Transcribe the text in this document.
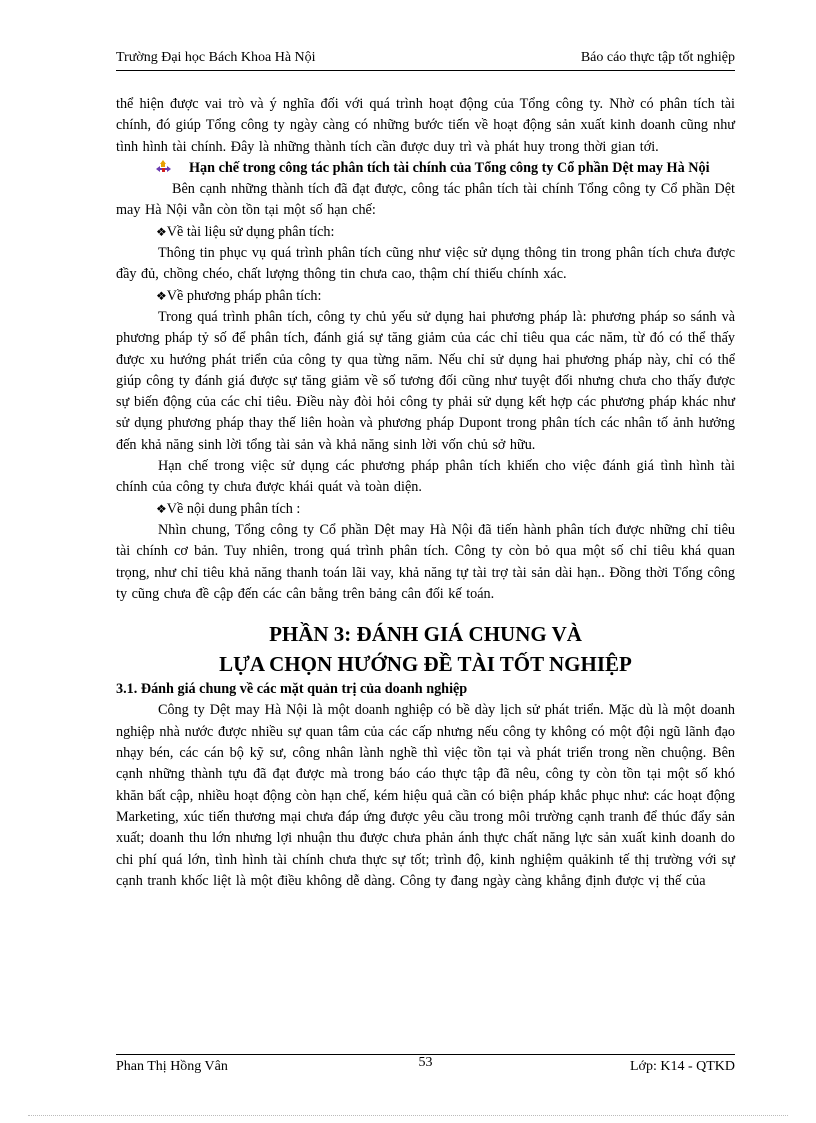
Trường Đại học Bách Khoa Hà Nội	Báo cáo thực tập tốt nghiệp

thể hiện được vai trò và ý nghĩa đối với quá trình hoạt động của Tổng công ty. Nhờ có phân tích tài chính, đó giúp Tổng công ty ngày càng có những bước tiến về hoạt động sản xuất kinh doanh cũng như tình hình tài chính. Đây là những thành tích cần được duy trì và phát huy trong thời gian tới.

Hạn chế trong công tác phân tích tài chính của Tổng công ty Cổ phần Dệt may Hà Nội

Bên cạnh những thành tích đã đạt được, công tác phân tích tài chính Tổng công ty Cổ phần Dệt may Hà Nội vẫn còn tồn tại một số hạn chế:

❖Về tài liệu sử dụng phân tích:

Thông tin phục vụ quá trình phân tích cũng như việc sử dụng thông tin trong phân tích chưa được đầy đủ, chồng chéo, chất lượng thông tin chưa cao, thậm chí thiếu chính xác.

❖Về phương pháp phân tích:

Trong quá trình phân tích, công ty chủ yếu sử dụng hai phương pháp là: phương pháp so sánh và phương pháp tỷ số để phân tích, đánh giá sự tăng giảm của các chỉ tiêu qua các năm, từ đó có thể thấy được xu hướng phát triển của công ty qua từng năm. Nếu chỉ sử dụng hai phương pháp này, chỉ có thể giúp công ty đánh giá được sự tăng giảm về số tương đối cũng như tuyệt đối nhưng chưa cho thấy được sự biến động của các chỉ tiêu. Điều này đòi hỏi công ty phải sử dụng kết hợp các phương pháp khác như sử dụng phương pháp thay thế liên hoàn và phương pháp Dupont trong phân tích các nhân tố ảnh hưởng đến khả năng sinh lời tổng tài sản và khả năng sinh lời vốn chủ sở hữu.

Hạn chế trong việc sử dụng các phương pháp phân tích khiến cho việc đánh giá tình hình tài chính của công ty chưa được khái quát và toàn diện.

❖Về nội dung phân tích :

Nhìn chung, Tổng công ty Cổ phần Dệt may Hà Nội đã tiến hành phân tích được những chỉ tiêu tài chính cơ bản. Tuy nhiên, trong quá trình phân tích. Công ty còn bỏ qua một số chỉ tiêu khá quan trọng, như chỉ tiêu khả năng thanh toán lãi vay, khả năng tự tài trợ tài sản dài hạn.. Đồng thời Tổng công ty cũng chưa đề cập đến các cân bằng trên bảng cân đối kế toán.

PHẦN 3: ĐÁNH GIÁ CHUNG VÀ

LỰA CHỌN HƯỚNG ĐỀ TÀI TỐT NGHIỆP

3.1. Đánh giá chung về các mặt quản trị của doanh nghiệp

Công ty Dệt may Hà Nội là một doanh nghiệp có bề dày lịch sử phát triển. Mặc dù là một doanh nghiệp nhà nước được nhiều sự quan tâm của các cấp nhưng nếu công ty không có một đội ngũ lãnh đạo nhạy bén, các cán bộ kỹ sư, công nhân lành nghề thì việc tồn tại và phát triển trong nền chuộng. Bên cạnh những thành tựu đã đạt được mà trong báo cáo thực tập đã nêu, công ty còn tồn tại một số khó khăn bất cập, nhiều hoạt động còn hạn chế, kém hiệu quả cần có biện pháp khắc phục như: các hoạt động Marketing, xúc tiến thương mại chưa đáp ứng được yêu cầu trong môi trường cạnh tranh để thúc đẩy sản xuất; doanh thu lớn nhưng lợi nhuận thu được chưa phản ánh thực chất năng lực sản xuất kinh doanh do chi phí quá lớn, tình hình tài chính chưa thực sự tốt; trình độ, kinh nghiệm quảkinh tế thị trường với sự cạnh tranh khốc liệt là một điều không dễ dàng. Công ty đang ngày càng khẳng định được vị thế của

Phan Thị Hồng Vân	53	Lớp: K14 - QTKD
